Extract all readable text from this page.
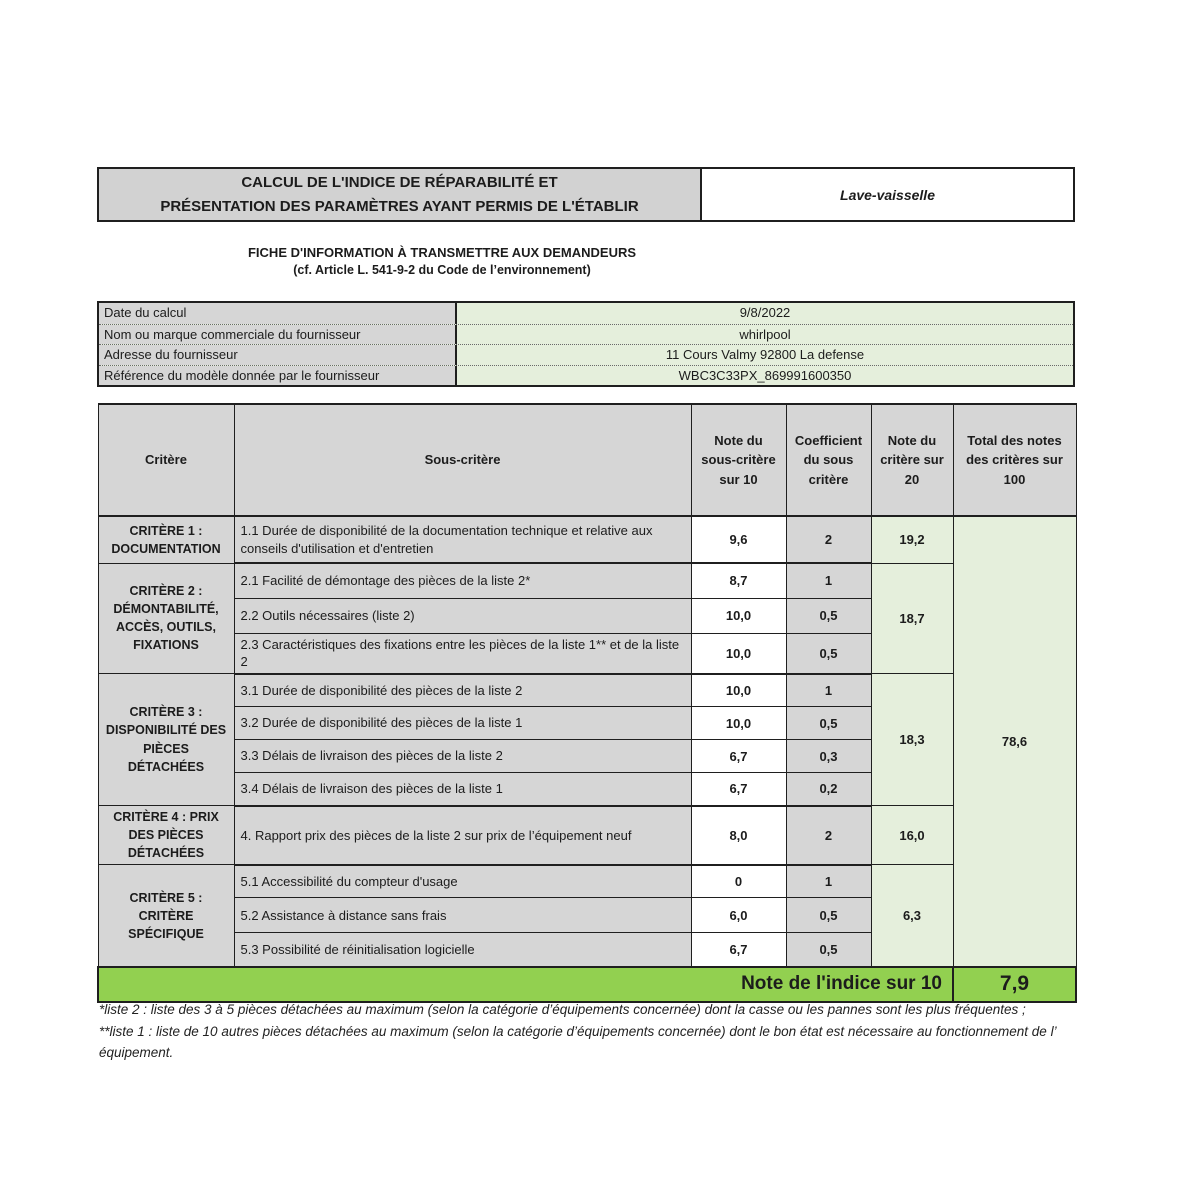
CALCUL DE L'INDICE DE RÉPARABILITÉ ET
PRÉSENTATION DES PARAMÈTRES AYANT PERMIS DE L'ÉTABLIR
Lave-vaisselle
FICHE D'INFORMATION À TRANSMETTRE AUX DEMANDEURS
(cf. Article L. 541-9-2 du Code de l’environnement)
Date du calcul	9/8/2022
Nom ou marque commerciale du fournisseur	whirlpool
Adresse du fournisseur	11 Cours Valmy 92800 La defense
Référence du modèle donnée par le fournisseur	WBC3C33PX_869991600350
Critère	Sous-critère	Note du sous-critère sur 10	Coefficient du sous critère	Note du critère sur 20	Total des notes des critères sur 100
CRITÈRE 1 : DOCUMENTATION	1.1 Durée de disponibilité de la documentation technique et relative aux conseils d'utilisation et d'entretien	9,6	2	19,2	78,6
CRITÈRE 2 : DÉMONTABILITÉ, ACCÈS, OUTILS, FIXATIONS	2.1 Facilité de démontage des pièces de la liste 2*	8,7	1	18,7	
	2.2 Outils nécessaires (liste 2)	10,0	0,5		
	2.3 Caractéristiques des fixations entre les pièces de la liste 1** et de la liste 2	10,0	0,5		
CRITÈRE 3 : DISPONIBILITÉ DES PIÈCES DÉTACHÉES	3.1 Durée de disponibilité des pièces de la liste 2	10,0	1	18,3	
	3.2 Durée de disponibilité des pièces de la liste 1	10,0	0,5		
	3.3 Délais de livraison des pièces de la liste 2	6,7	0,3		
	3.4 Délais de livraison des pièces de la liste 1	6,7	0,2		
CRITÈRE 4 : PRIX DES PIÈCES DÉTACHÉES	4. Rapport prix des pièces de la liste 2 sur prix de l’équipement neuf	8,0	2	16,0	
CRITÈRE 5 : CRITÈRE SPÉCIFIQUE	5.1 Accessibilité du compteur d'usage	0	1	6,3	
	5.2 Assistance à distance sans frais	6,0	0,5		
	5.3 Possibilité de réinitialisation logicielle	6,7	0,5		
Note de l'indice sur 10					7,9
*liste 2 : liste des 3 à 5 pièces détachées au maximum (selon la catégorie d’équipements concernée) dont la casse ou les pannes sont les plus fréquentes ;
**liste 1 : liste de 10 autres pièces détachées au maximum (selon la catégorie d’équipements concernée) dont le bon état est nécessaire au fonctionnement de l’ équipement.
